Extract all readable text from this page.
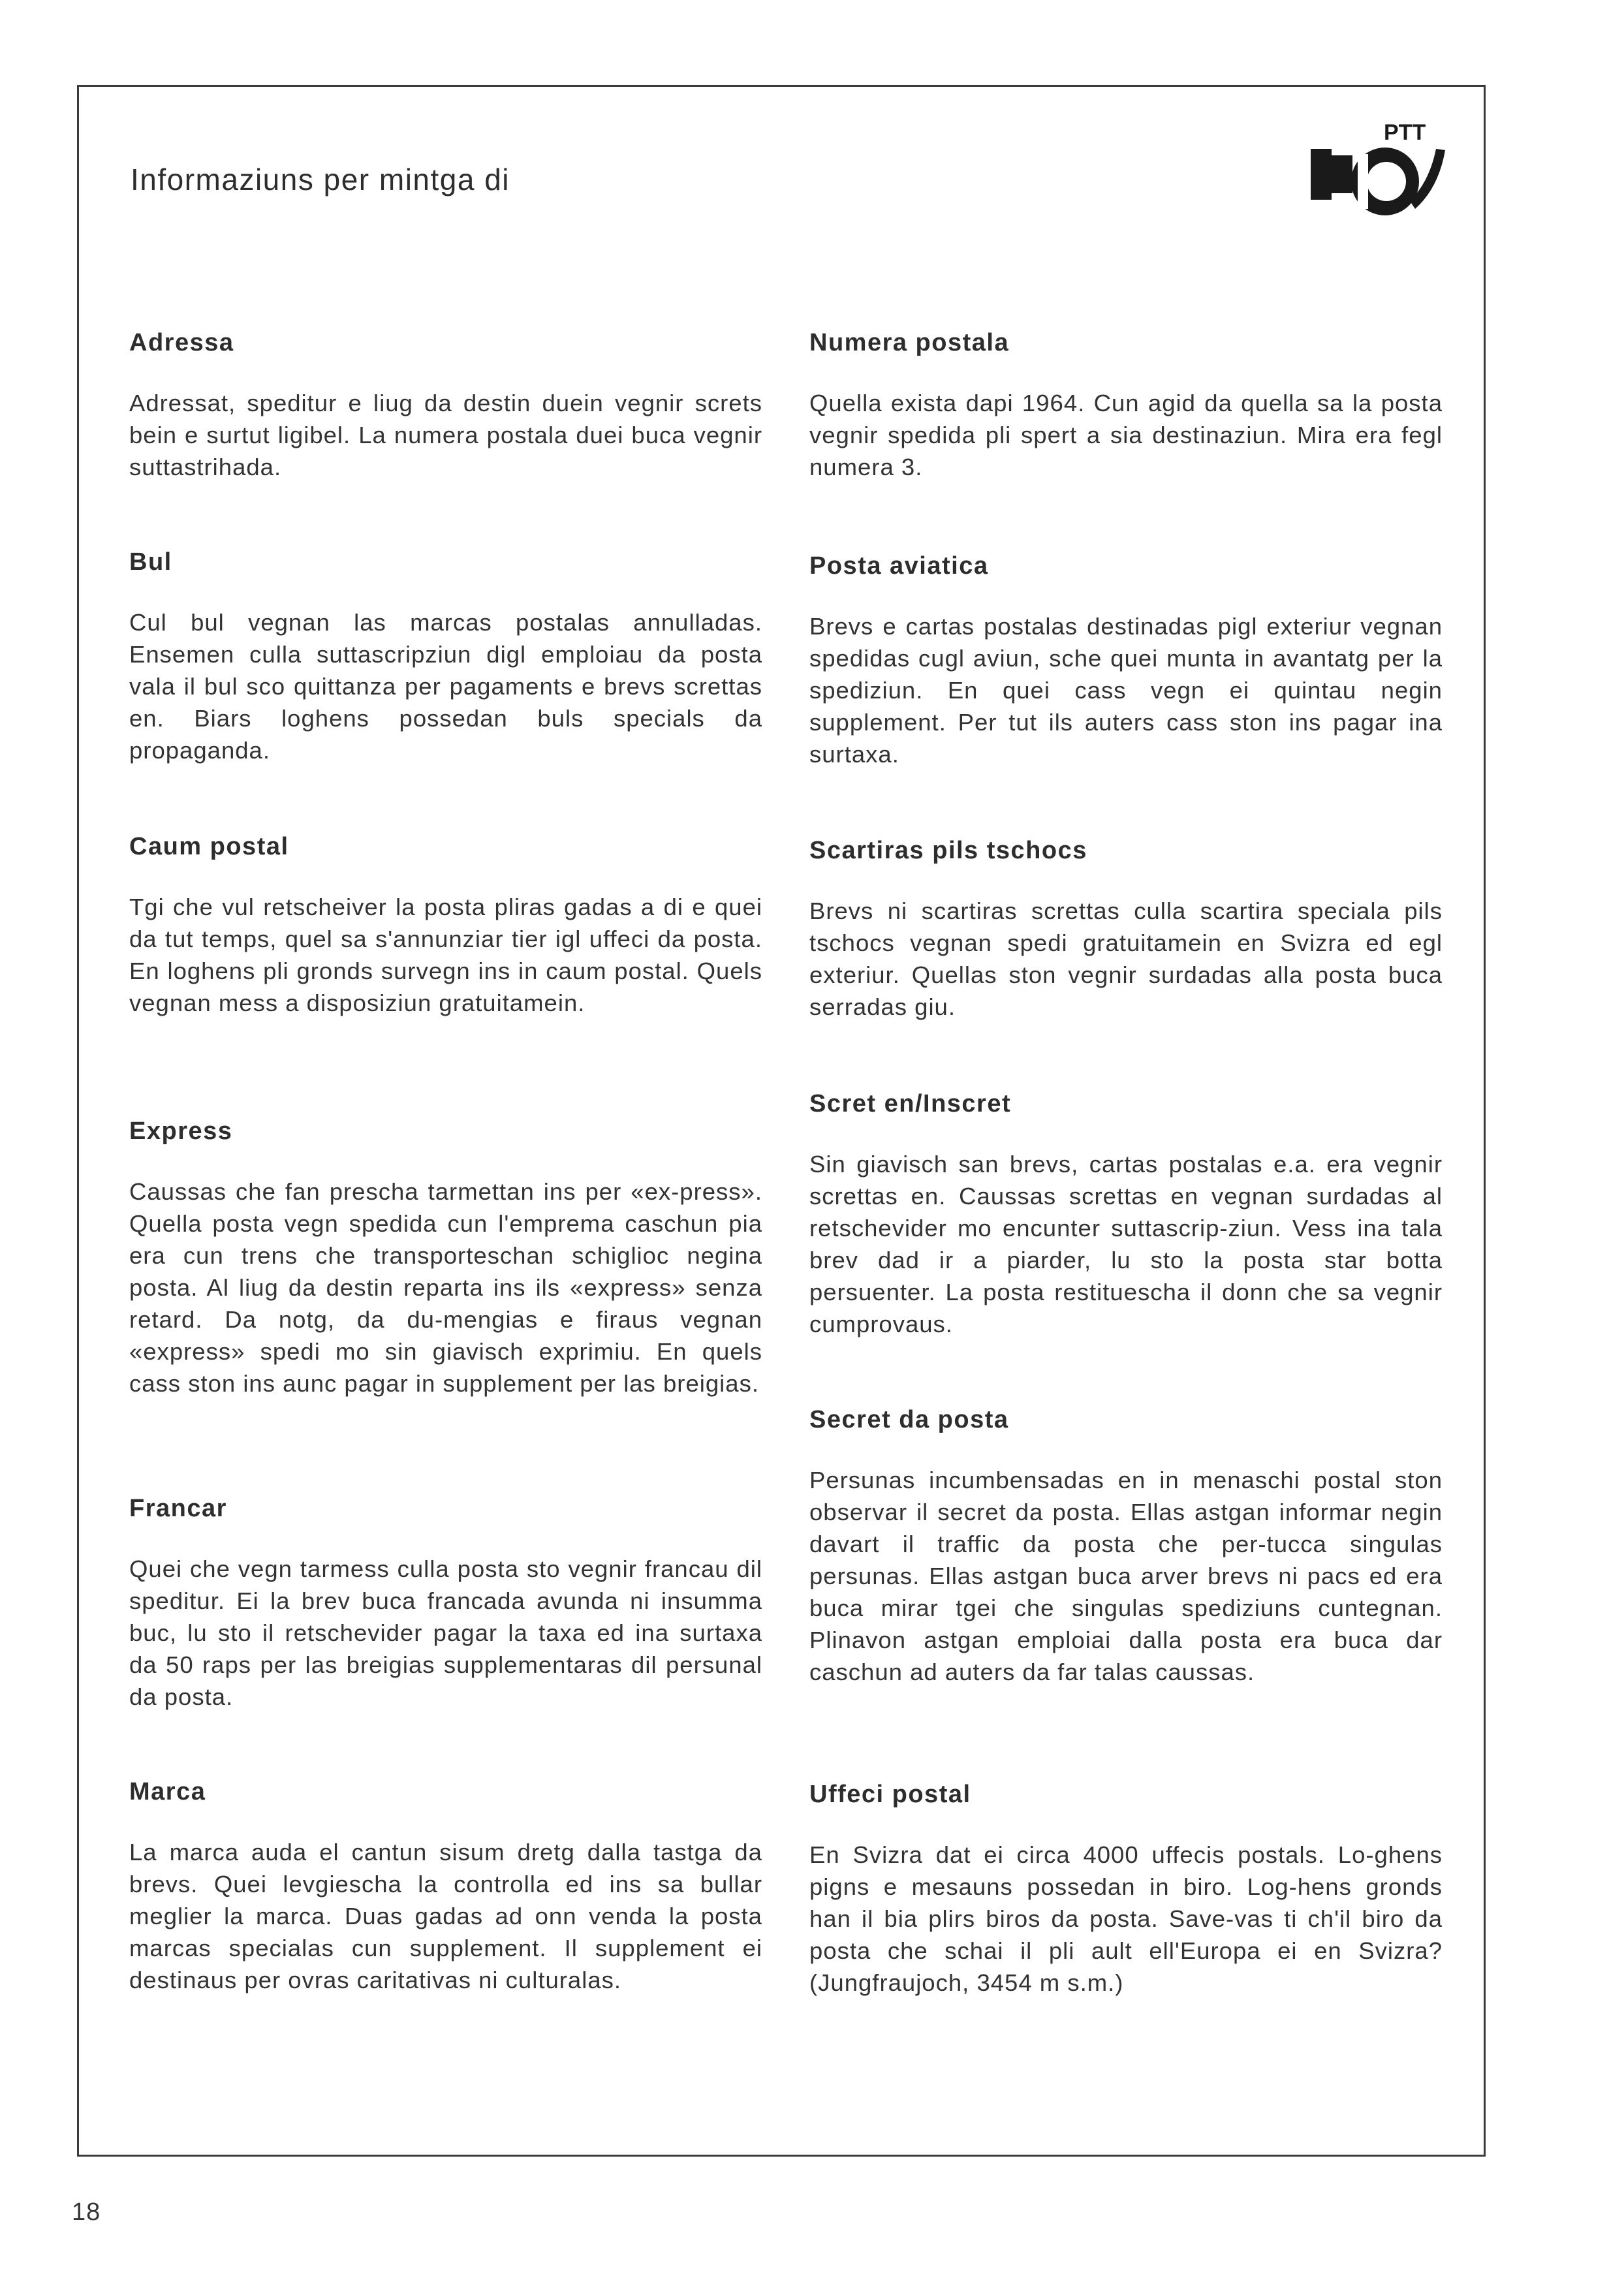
Informaziuns per mintga di
PTT
Adressa

Adressat, speditur e liug da destin duein vegnir screts bein e surtut ligibel. La numera postala duei buca vegnir suttastrihada.

Bul

Cul bul vegnan las marcas postalas annulladas. Ensemen culla suttascripziun digl emploiau da posta vala il bul sco quittanza per pagaments e brevs screttas en. Biars loghens possedan buls specials da propaganda.

Caum postal

Tgi che vul retscheiver la posta pliras gadas a di e quei da tut temps, quel sa s'annunziar tier igl uffeci da posta. En loghens pli gronds survegn ins in caum postal. Quels vegnan mess a disposiziun gratuitamein.

Express

Caussas che fan prescha tarmettan ins per «ex-press». Quella posta vegn spedida cun l'emprema caschun pia era cun trens che transporteschan schiglioc negina posta. Al liug da destin reparta ins ils «express» senza retard. Da notg, da du-mengias e firaus vegnan «express» spedi mo sin giavisch exprimiu. En quels cass ston ins aunc pagar in supplement per las breigias.

Francar

Quei che vegn tarmess culla posta sto vegnir francau dil speditur. Ei la brev buca francada avunda ni insumma buc, lu sto il retschevider pagar la taxa ed ina surtaxa da 50 raps per las breigias supplementaras dil persunal da posta.

Marca

La marca auda el cantun sisum dretg dalla tastga da brevs. Quei levgiescha la controlla ed ins sa bullar meglier la marca. Duas gadas ad onn venda la posta marcas specialas cun supplement. Il supplement ei destinaus per ovras caritativas ni culturalas.

Numera postala

Quella exista dapi 1964. Cun agid da quella sa la posta vegnir spedida pli spert a sia destinaziun. Mira era fegl numera 3.

Posta aviatica

Brevs e cartas postalas destinadas pigl exteriur vegnan spedidas cugl aviun, sche quei munta in avantatg per la spediziun. En quei cass vegn ei quintau negin supplement. Per tut ils auters cass ston ins pagar ina surtaxa.

Scartiras pils tschocs

Brevs ni scartiras screttas culla scartira speciala pils tschocs vegnan spedi gratuitamein en Svizra ed egl exteriur. Quellas ston vegnir surdadas alla posta buca serradas giu.

Scret en/Inscret

Sin giavisch san brevs, cartas postalas e.a. era vegnir screttas en. Caussas screttas en vegnan surdadas al retschevider mo encunter suttascrip-ziun. Vess ina tala brev dad ir a piarder, lu sto la posta star botta persuenter. La posta restituescha il donn che sa vegnir cumprovaus.

Secret da posta

Persunas incumbensadas en in menaschi postal ston observar il secret da posta. Ellas astgan informar negin davart il traffic da posta che per-tucca singulas persunas. Ellas astgan buca arver brevs ni pacs ed era buca mirar tgei che singulas spediziuns cuntegnan. Plinavon astgan emploiai dalla posta era buca dar caschun ad auters da far talas caussas.

Uffeci postal

En Svizra dat ei circa 4000 uffecis postals. Lo-ghens pigns e mesauns possedan in biro. Log-hens gronds han il bia plirs biros da posta. Save-vas ti ch'il biro da posta che schai il pli ault ell'Europa ei en Svizra? (Jungfraujoch, 3454 m s.m.)

18
